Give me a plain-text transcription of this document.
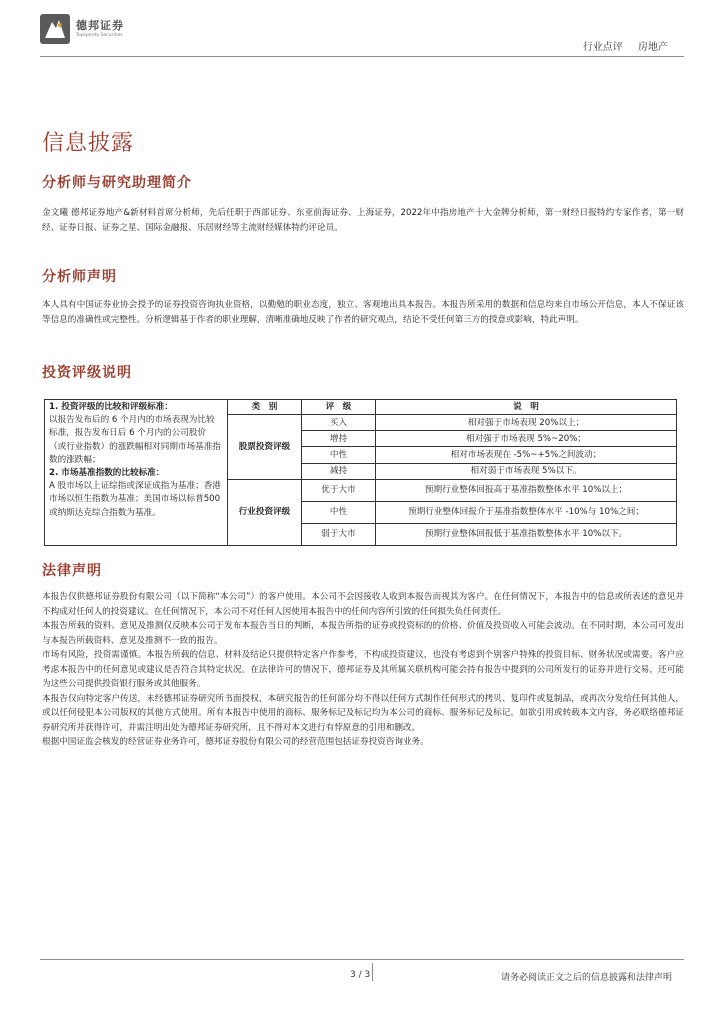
德邦证券
Topsperity Securities
行业点评 房地产
信息披露
分析师与研究助理简介
金文曦 德邦证券地产&新材料首席分析师，先后任职于西部证券、东亚前海证券、上海证券，2022年中指房地产十大金牌分析师，第一财经日报特约专家作者，第一财经、证券日报、证券之星、国际金融报、乐居财经等主流财经媒体特约评论员。
分析师声明
本人具有中国证券业协会授予的证券投资咨询执业资格，以勤勉的职业态度，独立、客观地出具本报告。本报告所采用的数据和信息均来自市场公开信息，本人不保证该等信息的准确性或完整性。分析逻辑基于作者的职业理解，清晰准确地反映了作者的研究观点，结论不受任何第三方的授意或影响，特此声明。
投资评级说明
1. 投资评级的比较和评级标准：
以报告发布后的 6 个月内的市场表现为比较标准，报告发布日后 6 个月内的公司股价（或行业指数）的涨跌幅相对同期市场基准指数的涨跌幅；
2. 市场基准指数的比较标准：
A 股市场以上证综指或深证成指为基准；香港市场以恒生指数为基准；美国市场以标普500或纳斯达克综合指数为基准。
类　别	评　级	说　明
股票投资评级	买入	相对强于市场表现 20%以上；
	增持	相对强于市场表现 5%~20%；
	中性	相对市场表现在 -5%~+5%之间波动；
	减持	相对弱于市场表现 5%以下。
行业投资评级	优于大市	预期行业整体回报高于基准指数整体水平 10%以上；
	中性	预期行业整体回报介于基准指数整体水平 -10%与 10%之间；
	弱于大市	预期行业整体回报低于基准指数整体水平 10%以下。
法律声明

本报告仅供德邦证券股份有限公司（以下简称“本公司”）的客户使用。本公司不会因接收人收到本报告而视其为客户。在任何情况下，本报告中的信息或所表述的意见并不构成对任何人的投资建议。在任何情况下，本公司不对任何人因使用本报告中的任何内容所引致的任何损失负任何责任。

本报告所载的资料、意见及推测仅反映本公司于发布本报告当日的判断，本报告所指的证券或投资标的的价格、价值及投资收入可能会波动。在不同时期，本公司可发出与本报告所载资料、意见及推测不一致的报告。

市场有风险，投资需谨慎。本报告所载的信息、材料及结论只提供特定客户作参考，不构成投资建议，也没有考虑到个别客户特殊的投资目标、财务状况或需要。客户应考虑本报告中的任何意见或建议是否符合其特定状况。在法律许可的情况下，德邦证券及其所属关联机构可能会持有报告中提到的公司所发行的证券并进行交易，还可能为这些公司提供投资银行服务或其他服务。

本报告仅向特定客户传送，未经德邦证券研究所书面授权，本研究报告的任何部分均不得以任何方式制作任何形式的拷贝、复印件或复制品，或再次分发给任何其他人，或以任何侵犯本公司版权的其他方式使用。所有本报告中使用的商标、服务标记及标记均为本公司的商标、服务标记及标记。如欲引用或转载本文内容，务必联络德邦证券研究所并获得许可，并需注明出处为德邦证券研究所，且不得对本文进行有悖原意的引用和删改。

根据中国证监会核发的经营证券业务许可，德邦证券股份有限公司的经营范围包括证券投资咨询业务。

3 / 3	请务必阅读正文之后的信息披露和法律声明
